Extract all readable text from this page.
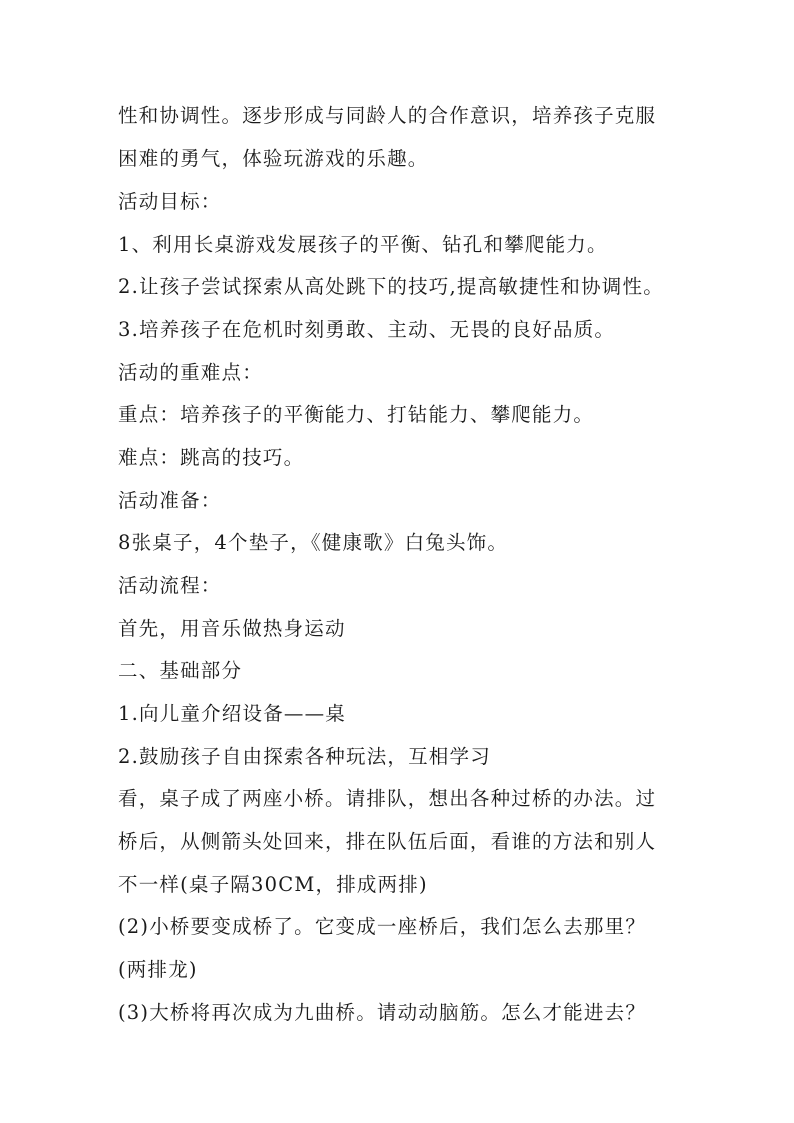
性和协调性。逐步形成与同龄人的合作意识，培养孩子克服
困难的勇气，体验玩游戏的乐趣。
活动目标：
1、利用长桌游戏发展孩子的平衡、钻孔和攀爬能力。
2.让孩子尝试探索从高处跳下的技巧,提高敏捷性和协调性。
3.培养孩子在危机时刻勇敢、主动、无畏的良好品质。
活动的重难点：
重点：培养孩子的平衡能力、打钻能力、攀爬能力。
难点：跳高的技巧。
活动准备：
8张桌子，4个垫子，《健康歌》白兔头饰。
活动流程：
首先，用音乐做热身运动
二、基础部分
1.向儿童介绍设备——桌
2.鼓励孩子自由探索各种玩法，互相学习
看，桌子成了两座小桥。请排队，想出各种过桥的办法。过
桥后，从侧箭头处回来，排在队伍后面，看谁的方法和别人
不一样(桌子隔30CM，排成两排)
(2)小桥要变成桥了。它变成一座桥后，我们怎么去那里？
(两排龙)
(3)大桥将再次成为九曲桥。请动动脑筋。怎么才能进去？
